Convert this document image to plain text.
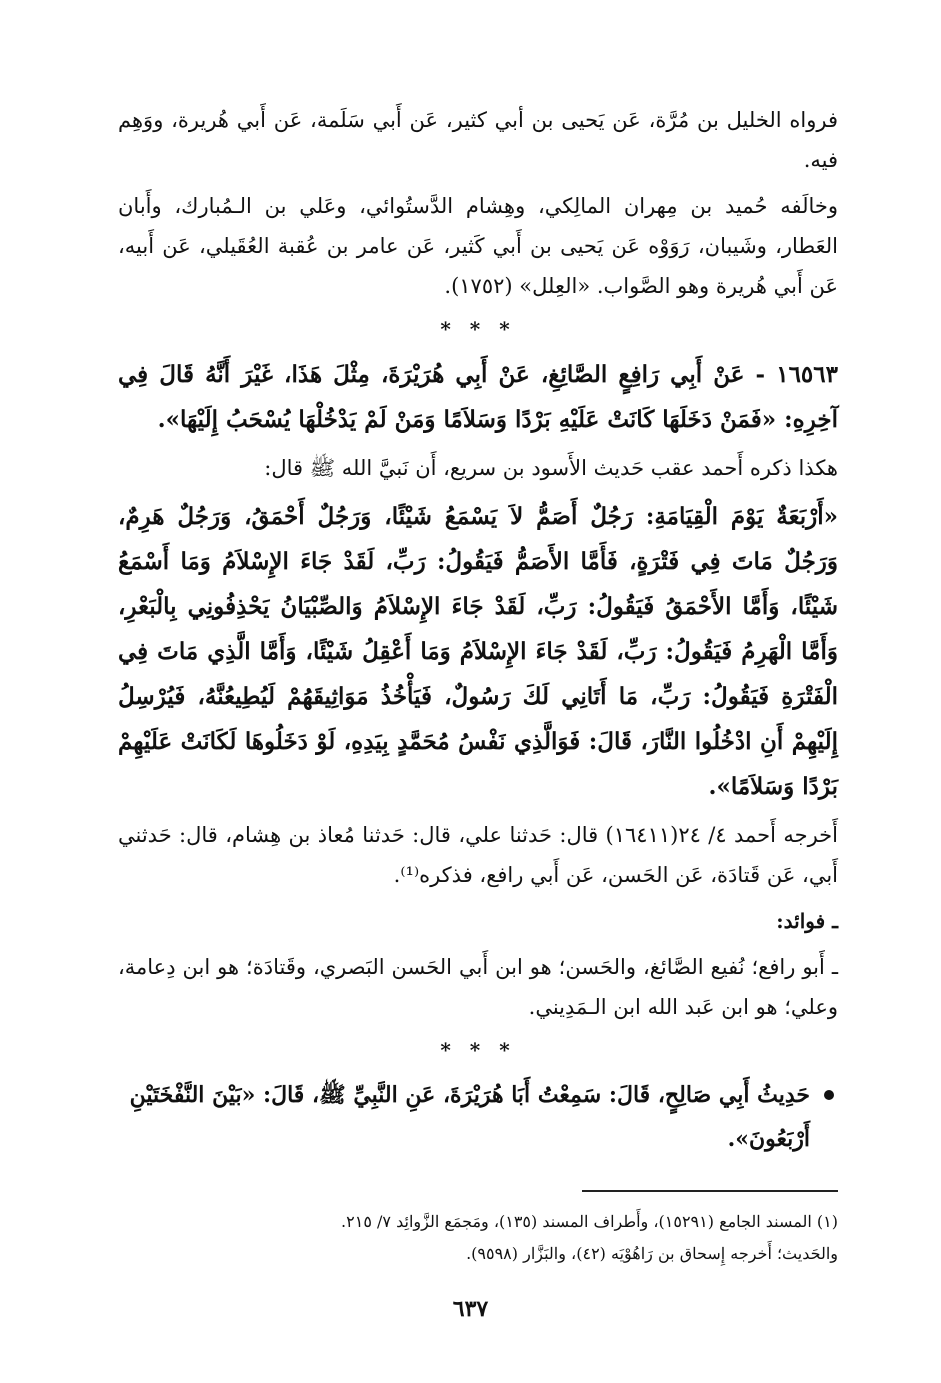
فرواه الخليل بن مُرَّة، عَن يَحيى بن أبي كثير، عَن أَبي سَلَمة، عَن أَبي هُريرة، ووَهِم فيه.

وخالَفه حُميد بن مِهران المالِكي، وهِشام الدَّستُوائي، وعَلي بن الـمُبارك، وأَبان العَطار، وشَيبان، رَوَوْه عَن يَحيى بن أَبي كَثير، عَن عامر بن عُقبة العُقَيلي، عَن أَبيه، عَن أَبي هُريرة وهو الصَّواب. «العِلل» (١٧٥٢).

* * *

١٦٥٦٣ - عَنْ أَبِي رَافِعٍ الصَّائِغِ، عَنْ أَبِي هُرَيْرَةَ، مِثْلَ هَذَا، غَيْرَ أَنَّهُ قَالَ فِي آخِرِهِ: «فَمَنْ دَخَلَهَا كَانَتْ عَلَيْهِ بَرْدًا وَسَلاَمًا وَمَنْ لَمْ يَدْخُلْهَا يُسْحَبُ إِلَيْهَا».

هكذا ذكره أَحمد عقب حَديث الأَسود بن سريع، أَن نَبيَّ الله ﷺ قال:

«أَرْبَعَةٌ يَوْمَ الْقِيَامَةِ: رَجُلٌ أَصَمُّ لاَ يَسْمَعُ شَيْئًا، وَرَجُلٌ أَحْمَقُ، وَرَجُلٌ هَرِمٌ، وَرَجُلٌ مَاتَ فِي فَتْرَةٍ، فَأَمَّا الأَصَمُّ فَيَقُولُ: رَبِّ، لَقَدْ جَاءَ الإِسْلاَمُ وَمَا أَسْمَعُ شَيْئًا، وَأَمَّا الأَحْمَقُ فَيَقُولُ: رَبِّ، لَقَدْ جَاءَ الإِسْلاَمُ وَالصِّبْيَانُ يَحْذِفُونِي بِالْبَعْرِ، وَأَمَّا الْهَرِمُ فَيَقُولُ: رَبِّ، لَقَدْ جَاءَ الإِسْلاَمُ وَمَا أَعْقِلُ شَيْئًا، وَأَمَّا الَّذِي مَاتَ فِي الْفَتْرَةِ فَيَقُولُ: رَبِّ، مَا أَتَانِي لَكَ رَسُولٌ، فَيَأْخُذُ مَوَاثِيقَهُمْ لَيُطِيعُنَّهُ، فَيُرْسِلُ إِلَيْهِمْ أَنِ ادْخُلُوا النَّارَ، قَالَ: فَوَالَّذِي نَفْسُ مُحَمَّدٍ بِيَدِهِ، لَوْ دَخَلُوهَا لَكَانَتْ عَلَيْهِمْ بَرْدًا وَسَلاَمًا».

أَخرجه أَحمد ٤/ ٢٤(١٦٤١١) قال: حَدثنا علي، قال: حَدثنا مُعاذ بن هِشام، قال: حَدثني أَبي، عَن قَتادَة، عَن الحَسن، عَن أَبي رافع، فذكره⁽¹⁾.

ـ فوائد:

ـ أَبو رافع؛ نُفيع الصَّائغ، والحَسن؛ هو ابن أَبي الحَسن البَصري، وقَتادَة؛ هو ابن دِعامة، وعلي؛ هو ابن عَبد الله ابن الـمَدِيني.

* * *

حَدِيثُ أَبِي صَالِحٍ، قَالَ: سَمِعْتُ أَبَا هُرَيْرَةَ، عَنِ النَّبِيِّ ﷺ، قَالَ: «بَيْنَ النَّفْخَتَيْنِ أَرْبَعُونَ».

(١) المسند الجامع (١٥٢٩١)، وأَطراف المسند (١٣٥)، ومَجمَع الزَّوائِد ٧/ ٢١٥.

والحَديث؛ أَخرجه إِسحاق بن رَاهُوْيَه (٤٢)، والبَزَّار (٩٥٩٨).

٦٣٧
